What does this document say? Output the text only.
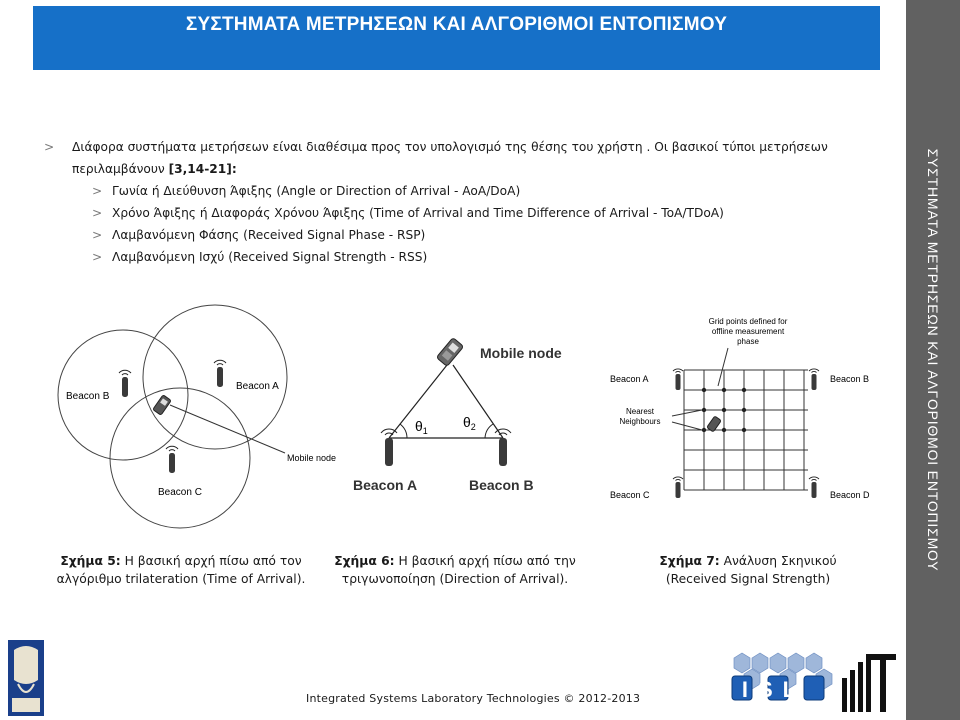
ΣΥΣΤΗΜΑΤΑ ΜΕΤΡΗΣΕΩΝ ΚΑΙ ΑΛΓΟΡΙΘΜΟΙ ΕΝΤΟΠΙΣΜΟΥ
ΣΥΣΤΗΜΑΤΑ ΜΕΤΡΗΣΕΩΝ ΚΑΙ ΑΛΓΟΡΙΘΜΟΙ ΕΝΤΟΠΙΣΜΟΥ
> Διάφορα συστήματα μετρήσεων είναι διαθέσιμα προς τον υπολογισμό της θέσης του χρήστη . Οι βασικοί τύποι μετρήσεων περιλαμβάνουν [3,14-21]:
> Γωνία ή Διεύθυνση Άφιξης (Angle or Direction of Arrival - AoA/DoA)
> Χρόνο Άφιξης ή Διαφοράς Χρόνου Άφιξης (Time of Arrival and Time Difference of Arrival - ToA/TDoA)
> Λαμβανόμενη Φάσης (Received Signal Phase - RSP)
> Λαμβανόμενη Ισχύ (Received Signal Strength - RSS)
Beacon B
Beacon A
Beacon C
Mobile node
Mobile node
$\theta_1$
$\theta_2$
Beacon A	Beacon B
Grid points defined for
offline measurement
phase
Nearest
Neighbours
Beacon A	Beacon B
Beacon C	Beacon D
Σχήμα 5: Η βασική αρχή πίσω από τον αλγόριθμο trilateration (Time of Arrival).
Σχήμα 6: Η βασική αρχή πίσω από την τριγωνοποίηση (Direction of Arrival).
Σχήμα 7: Ανάλυση Σκηνικού (Received Signal Strength)
Integrated Systems Laboratory Technologies © 2012-2013	ISL
